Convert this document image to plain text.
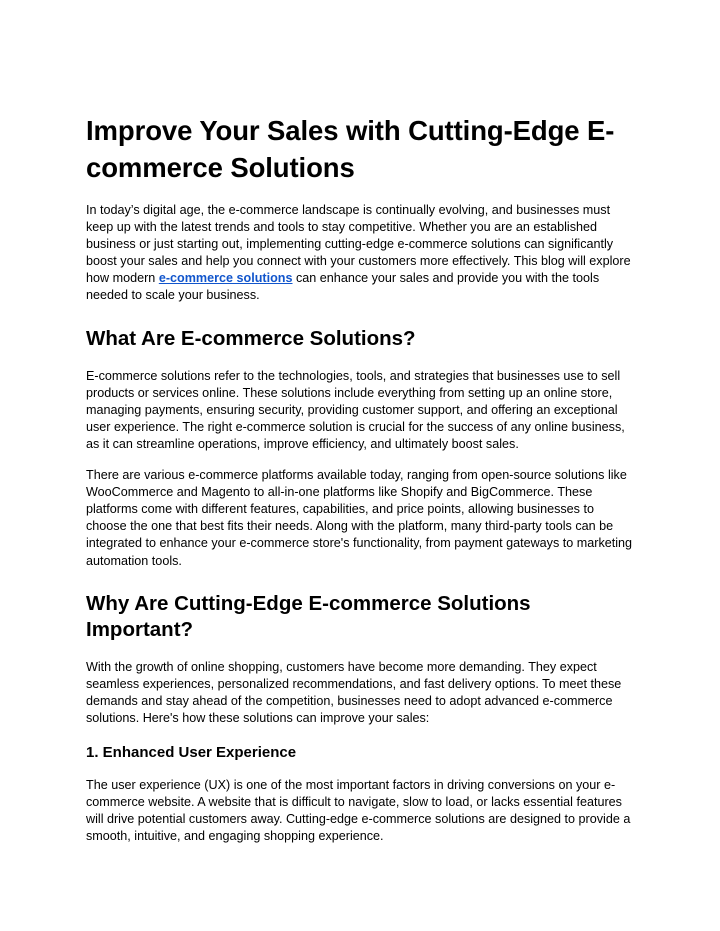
Improve Your Sales with Cutting-Edge E-commerce Solutions

In today’s digital age, the e-commerce landscape is continually evolving, and businesses must keep up with the latest trends and tools to stay competitive. Whether you are an established business or just starting out, implementing cutting-edge e-commerce solutions can significantly boost your sales and help you connect with your customers more effectively. This blog will explore how modern e-commerce solutions can enhance your sales and provide you with the tools needed to scale your business.

What Are E-commerce Solutions?

E-commerce solutions refer to the technologies, tools, and strategies that businesses use to sell products or services online. These solutions include everything from setting up an online store, managing payments, ensuring security, providing customer support, and offering an exceptional user experience. The right e-commerce solution is crucial for the success of any online business, as it can streamline operations, improve efficiency, and ultimately boost sales.

There are various e-commerce platforms available today, ranging from open-source solutions like WooCommerce and Magento to all-in-one platforms like Shopify and BigCommerce. These platforms come with different features, capabilities, and price points, allowing businesses to choose the one that best fits their needs. Along with the platform, many third-party tools can be integrated to enhance your e-commerce store's functionality, from payment gateways to marketing automation tools.

Why Are Cutting-Edge E-commerce Solutions Important?

With the growth of online shopping, customers have become more demanding. They expect seamless experiences, personalized recommendations, and fast delivery options. To meet these demands and stay ahead of the competition, businesses need to adopt advanced e-commerce solutions. Here's how these solutions can improve your sales:

1. Enhanced User Experience

The user experience (UX) is one of the most important factors in driving conversions on your e-commerce website. A website that is difficult to navigate, slow to load, or lacks essential features will drive potential customers away. Cutting-edge e-commerce solutions are designed to provide a smooth, intuitive, and engaging shopping experience.
